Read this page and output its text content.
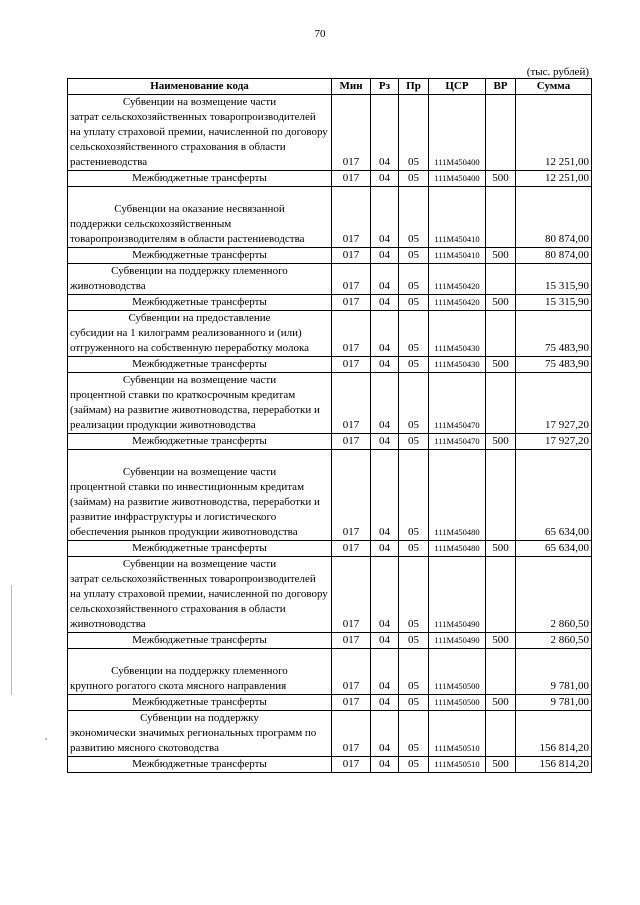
70
(тыс. рублей)
Наименование кода	Мин	Рз	Пр	ЦСР	ВР	Сумма

Субвенции на возмещение части
затрат сельскохозяйственных товаропроизводителей на уплату страховой премии, начисленной по договору сельскохозяйственного страхования в области растениеводства	017	04	05	111М450400		12 251,00
Межбюджетные трансферты	017	04	05	111М450400	500	12 251,00

Субвенции на оказание несвязанной
поддержки сельскохозяйственным товаропроизводителям в области растениеводства	017	04	05	111М450410		80 874,00
Межбюджетные трансферты	017	04	05	111М450410	500	80 874,00

Субвенции на поддержку племенного
животноводства	017	04	05	111М450420		15 315,90
Межбюджетные трансферты	017	04	05	111М450420	500	15 315,90

Субвенции на предоставление
субсидии на 1 килограмм реализованного и (или) отгруженного на собственную переработку молока	017	04	05	111М450430		75 483,90
Межбюджетные трансферты	017	04	05	111М450430	500	75 483,90

Субвенции на возмещение части
процентной ставки по краткосрочным кредитам (займам) на развитие животноводства, переработки и реализации продукции животноводства	017	04	05	111М450470		17 927,20
Межбюджетные трансферты	017	04	05	111М450470	500	17 927,20

Субвенции на возмещение части
процентной ставки по инвестиционным кредитам (займам) на развитие животноводства, переработки и развитие инфраструктуры и логистического обеспечения рынков продукции животноводства	017	04	05	111М450480		65 634,00
Межбюджетные трансферты	017	04	05	111М450480	500	65 634,00

Субвенции на возмещение части
затрат сельскохозяйственных товаропроизводителей на уплату страховой премии, начисленной по договору сельскохозяйственного страхования в области животноводства	017	04	05	111М450490		2 860,50
Межбюджетные трансферты	017	04	05	111М450490	500	2 860,50

Субвенции на поддержку племенного
крупного рогатого скота мясного направления	017	04	05	111М450500		9 781,00
Межбюджетные трансферты	017	04	05	111М450500	500	9 781,00

Субвенции на поддержку
экономически значимых региональных программ по развитию мясного скотоводства	017	04	05	111М450510		156 814,20
Межбюджетные трансферты	017	04	05	111М450510	500	156 814,20
